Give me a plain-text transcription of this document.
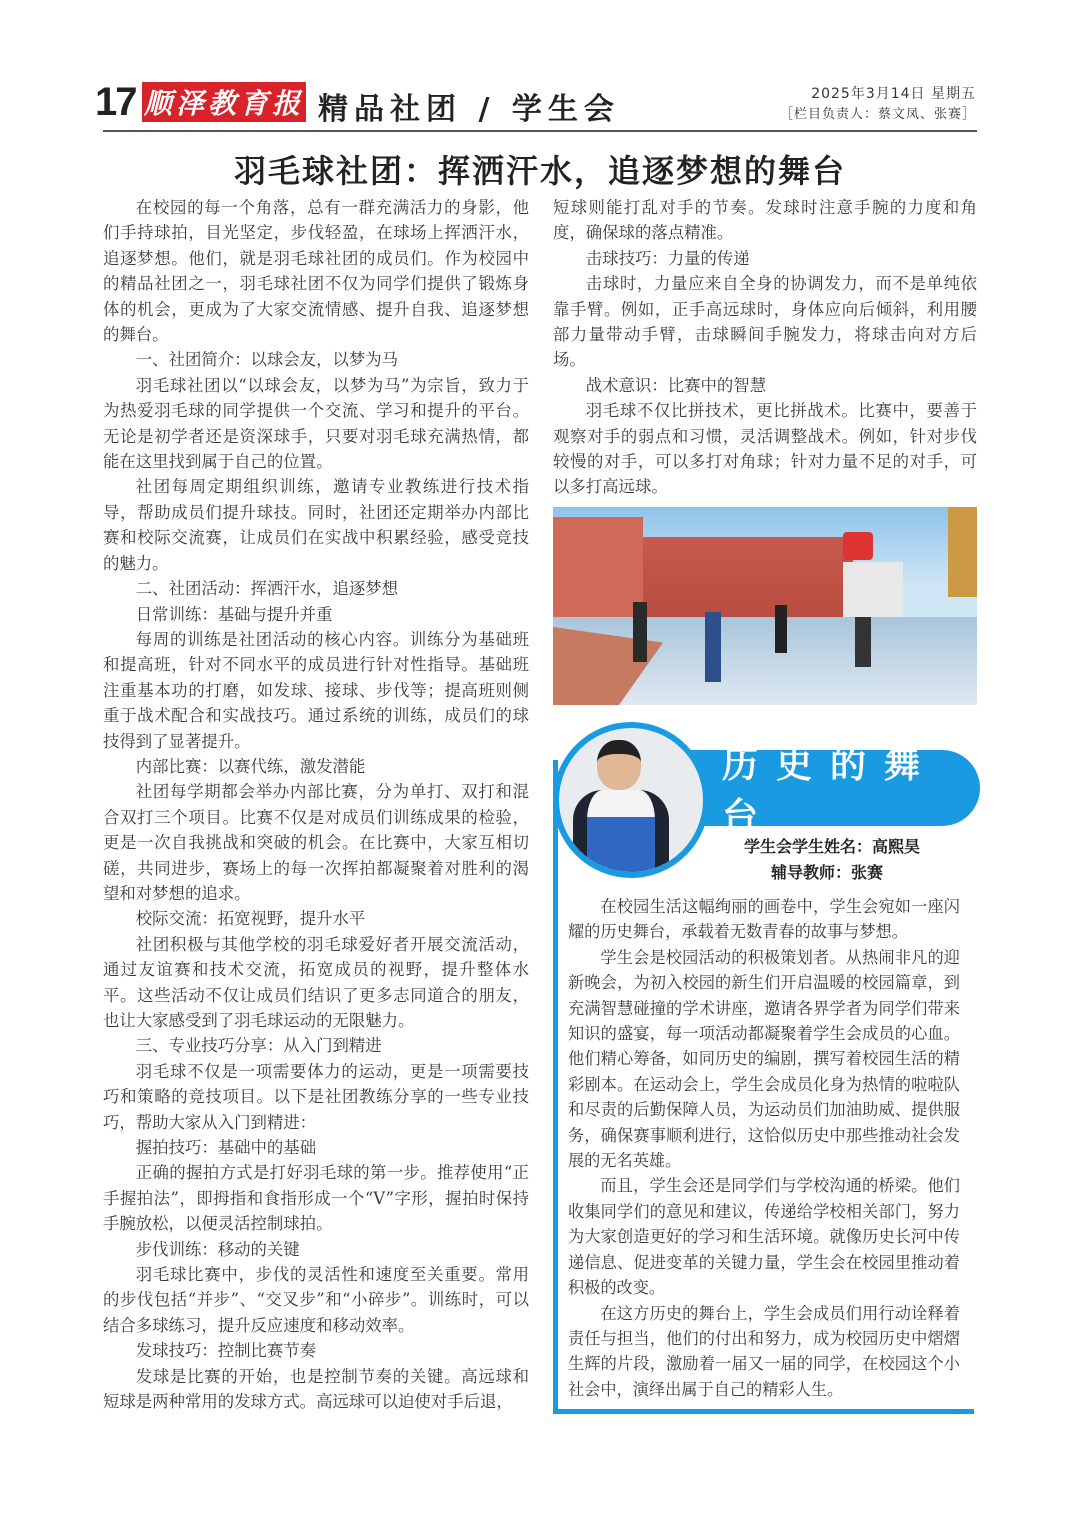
17 顺泽教育报 精品社团 / 学生会	2025年3月14日 星期五
［栏目负责人：蔡文凤、张赛］
羽毛球社团：挥洒汗水，追逐梦想的舞台

在校园的每一个角落，总有一群充满活力的身影，他们手持球拍，目光坚定，步伐轻盈，在球场上挥洒汗水，追逐梦想。他们，就是羽毛球社团的成员们。作为校园中的精品社团之一，羽毛球社团不仅为同学们提供了锻炼身体的机会，更成为了大家交流情感、提升自我、追逐梦想的舞台。

一、社团简介：以球会友，以梦为马

羽毛球社团以“以球会友，以梦为马”为宗旨，致力于为热爱羽毛球的同学提供一个交流、学习和提升的平台。无论是初学者还是资深球手，只要对羽毛球充满热情，都能在这里找到属于自己的位置。

社团每周定期组织训练，邀请专业教练进行技术指导，帮助成员们提升球技。同时，社团还定期举办内部比赛和校际交流赛，让成员们在实战中积累经验，感受竞技的魅力。

二、社团活动：挥洒汗水，追逐梦想

日常训练：基础与提升并重

每周的训练是社团活动的核心内容。训练分为基础班和提高班，针对不同水平的成员进行针对性指导。基础班注重基本功的打磨，如发球、接球、步伐等；提高班则侧重于战术配合和实战技巧。通过系统的训练，成员们的球技得到了显著提升。

内部比赛：以赛代练，激发潜能

社团每学期都会举办内部比赛，分为单打、双打和混合双打三个项目。比赛不仅是对成员们训练成果的检验，更是一次自我挑战和突破的机会。在比赛中，大家互相切磋，共同进步，赛场上的每一次挥拍都凝聚着对胜利的渴望和对梦想的追求。

校际交流：拓宽视野，提升水平

社团积极与其他学校的羽毛球爱好者开展交流活动，通过友谊赛和技术交流，拓宽成员的视野，提升整体水平。这些活动不仅让成员们结识了更多志同道合的朋友，也让大家感受到了羽毛球运动的无限魅力。

三、专业技巧分享：从入门到精进

羽毛球不仅是一项需要体力的运动，更是一项需要技巧和策略的竞技项目。以下是社团教练分享的一些专业技巧，帮助大家从入门到精进：

握拍技巧：基础中的基础

正确的握拍方式是打好羽毛球的第一步。推荐使用“正手握拍法”，即拇指和食指形成一个“V”字形，握拍时保持手腕放松，以便灵活控制球拍。

步伐训练：移动的关键

羽毛球比赛中，步伐的灵活性和速度至关重要。常用的步伐包括“并步”、“交叉步”和“小碎步”。训练时，可以结合多球练习，提升反应速度和移动效率。

发球技巧：控制比赛节奏

发球是比赛的开始，也是控制节奏的关键。高远球和短球是两种常用的发球方式。高远球可以迫使对手后退，

短球则能打乱对手的节奏。发球时注意手腕的力度和角度，确保球的落点精准。

击球技巧：力量的传递

击球时，力量应来自全身的协调发力，而不是单纯依靠手臂。例如，正手高远球时，身体应向后倾斜，利用腰部力量带动手臂，击球瞬间手腕发力，将球击向对方后场。

战术意识：比赛中的智慧

羽毛球不仅比拼技术，更比拼战术。比赛中，要善于观察对手的弱点和习惯，灵活调整战术。例如，针对步伐较慢的对手，可以多打对角球；针对力量不足的对手，可以多打高远球。

历史的舞台
学生会学生姓名：高熙昊
辅导教师：张赛

在校园生活这幅绚丽的画卷中，学生会宛如一座闪耀的历史舞台，承载着无数青春的故事与梦想。

学生会是校园活动的积极策划者。从热闹非凡的迎新晚会，为初入校园的新生们开启温暖的校园篇章，到充满智慧碰撞的学术讲座，邀请各界学者为同学们带来知识的盛宴，每一项活动都凝聚着学生会成员的心血。他们精心筹备，如同历史的编剧，撰写着校园生活的精彩剧本。在运动会上，学生会成员化身为热情的啦啦队和尽责的后勤保障人员，为运动员们加油助威、提供服务，确保赛事顺利进行，这恰似历史中那些推动社会发展的无名英雄。

而且，学生会还是同学们与学校沟通的桥梁。他们收集同学们的意见和建议，传递给学校相关部门，努力为大家创造更好的学习和生活环境。就像历史长河中传递信息、促进变革的关键力量，学生会在校园里推动着积极的改变。

在这方历史的舞台上，学生会成员们用行动诠释着责任与担当，他们的付出和努力，成为校园历史中熠熠生辉的片段，激励着一届又一届的同学，在校园这个小社会中，演绎出属于自己的精彩人生。
